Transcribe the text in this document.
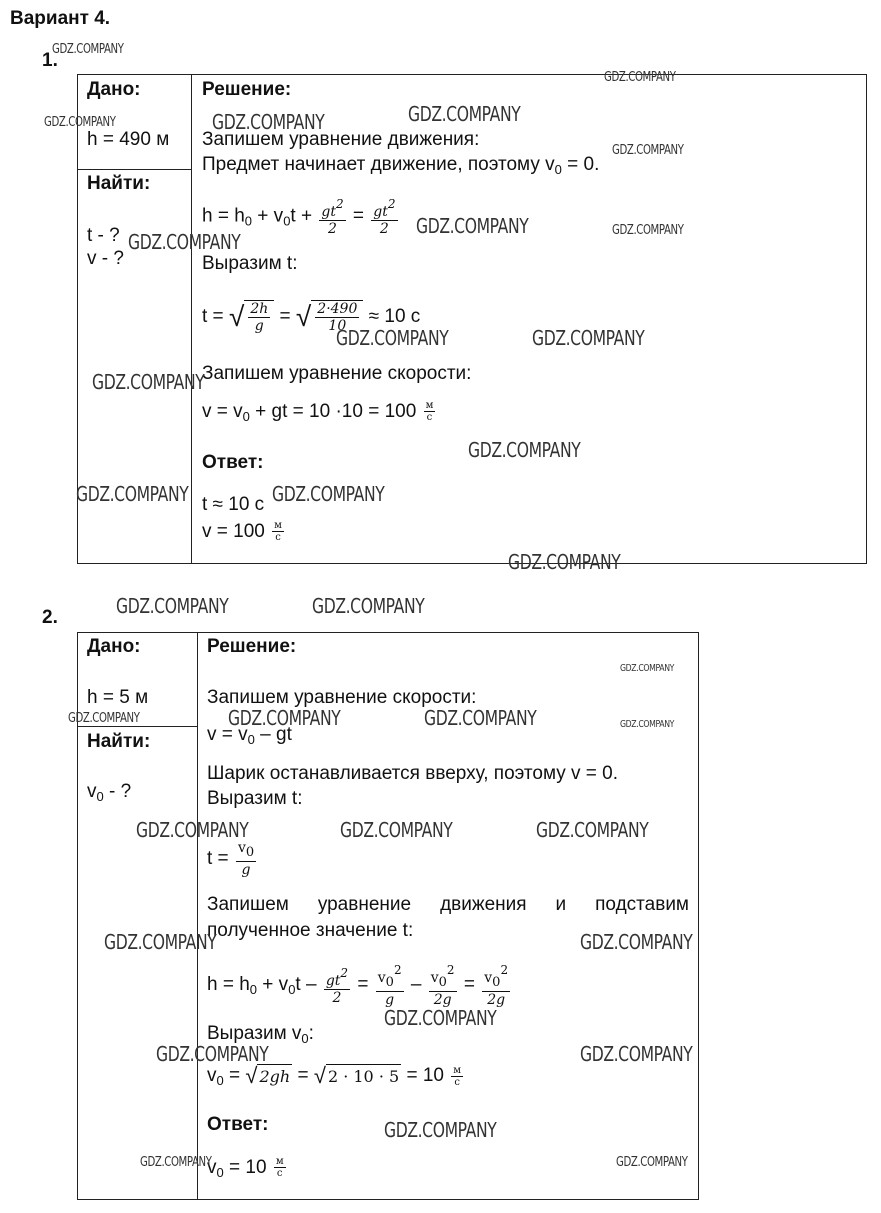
Вариант 4.
1.
Дано:
h = 490 м
Найти:
t - ?
v - ?
Решение:
Запишем уравнение движения:
Предмет начинает движение, поэтому $v_0 = 0$.
$h = h_0 + v_0t + \frac{gt2}{2} = \frac{gt2}{2}$
Выразим t:
t = √ $\frac{2h}{g}$ = √ $\frac{2\cdot 490}{10} \approx 10$ с
Запишем уравнение скорости:
$v = v_0$ + gt = $10 \cdot 10 = 100 \frac{м}{с}$
Ответ:
t ≈ 10 с
$v = 100 \frac{м}{с}$
2.
Дано:
h = 5 м
Найти:
$v_0$ - ?
Решение:
Запишем уравнение скорости:
$v = v_0$ – gt
Шарик останавливается вверху, поэтому v = 0.
Выразим t:
$t = \frac{v0}{g}$
Запишем уравнение движения и подставим
полученное значение t:
$h = h_0 + v_0t - \frac{gt2}{2} = \frac{v02}{g} - \frac{v02}{2g} = \frac{v02}{2g}$
Выразим $v_0$:
$v_0$ = √ 2gh = √ $2 \cdot 10 \cdot 5 = 10 \frac{м}{с}$
Ответ:
$v_0 = 10 \frac{м}{с}$
GDZ.COMPANY
GDZ.COMPANY
GDZ.COMPANY	GDZ.COMPANY
GDZ.COMPANY
GDZ.COMPANY
GDZ.COMPANY	GDZ.COMPANY
GDZ.COMPANY
GDZ.COMPANY	GDZ.COMPANY
GDZ.COMPANY
GDZ.COMPANY
GDZ.COMPANY	GDZ.COMPANY
GDZ.COMPANY
GDZ.COMPANY	GDZ.COMPANY
GDZ.COMPANY
GDZ.COMPANY	GDZ.COMPANY	GDZ.COMPANY	GDZ.COMPANY
GDZ.COMPANY	GDZ.COMPANY	GDZ.COMPANY
GDZ.COMPANY	GDZ.COMPANY
GDZ.COMPANY
GDZ.COMPANY	GDZ.COMPANY
GDZ.COMPANY
GDZ.COMPANY	GDZ.COMPANY
